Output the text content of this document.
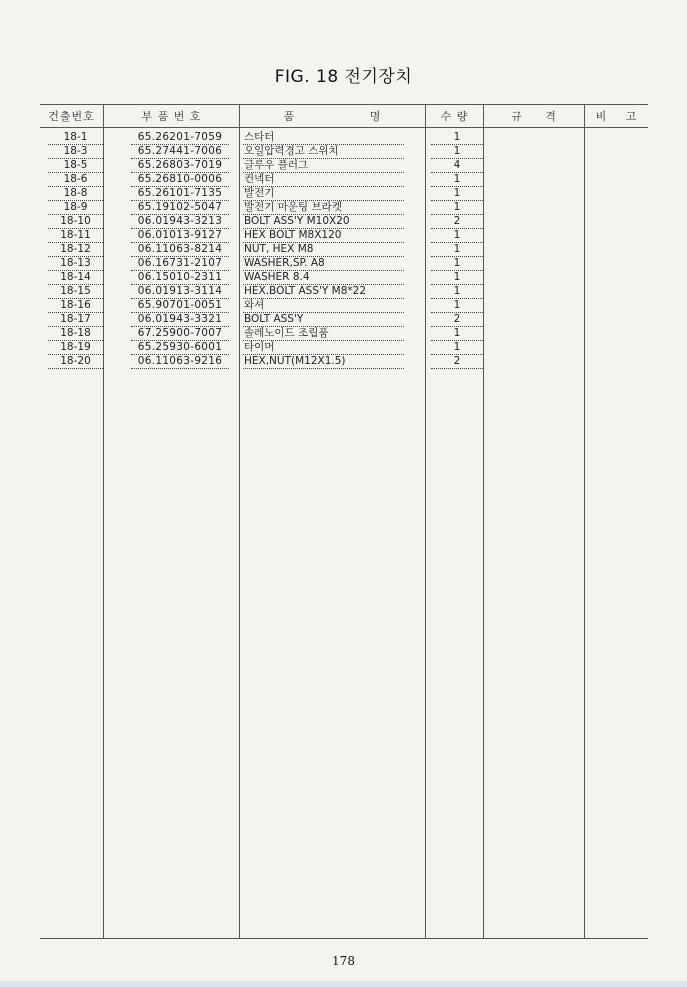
FIG. 18 전기장치
건출번호	부 품 번 호	품 명	수 량	규 격	비 고
18-1	65.26201-7059	스타터	1
18-3	65.27441-7006	오일압력경고 스위치	1
18-5	65.26803-7019	글루우 플러그	4
18-6	65.26810-0006	컨넥터	1
18-8	65.26101-7135	발전기	1
18-9	65.19102-5047	발전기 마운팅 브라켓	1
18-10	06.01943-3213	BOLT ASS'Y M10X20	2
18-11	06.01013-9127	HEX BOLT M8X120	1
18-12	06.11063-8214	NUT, HEX M8	1
18-13	06.16731-2107	WASHER,SP. A8	1
18-14	06.15010-2311	WASHER 8.4	1
18-15	06.01913-3114	HEX.BOLT ASS'Y M8*22	1
18-16	65.90701-0051	와셔	1
18-17	06.01943-3321	BOLT ASS'Y	2
18-18	67.25900-7007	솔레노이드 조립품	1
18-19	65.25930-6001	타이머	1
18-20	06.11063-9216	HEX,NUT(M12X1.5)	2
178
